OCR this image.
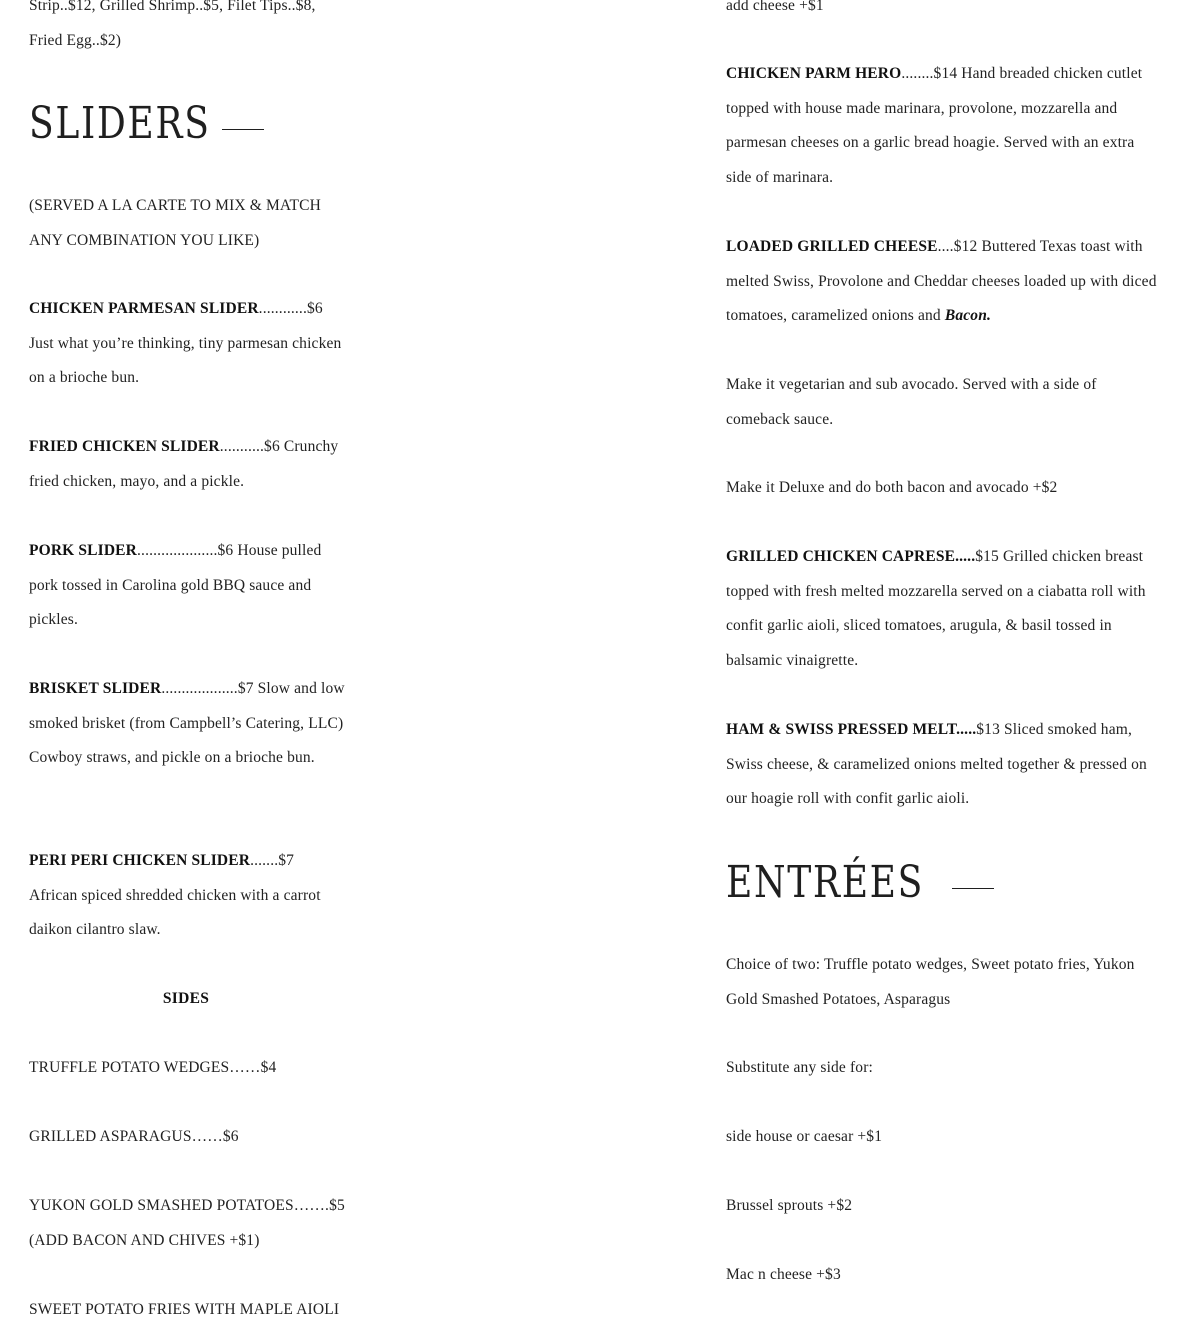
Strip..$12, Grilled Shrimp..$5, Filet Tips..$8,

Fried Egg..$2)

SLIDERS

(SERVED A LA CARTE TO MIX & MATCH ANY COMBINATION YOU LIKE)

CHICKEN PARMESAN SLIDER............$6 Just what you’re thinking, tiny parmesan chicken on a brioche bun.

FRIED CHICKEN SLIDER...........$6 Crunchy fried chicken, mayo, and a pickle.

PORK SLIDER....................$6 House pulled pork tossed in Carolina gold BBQ sauce and pickles.

BRISKET SLIDER...................$7 Slow and low smoked brisket (from Campbell’s Catering, LLC) Cowboy straws, and pickle on a brioche bun.

PERI PERI CHICKEN SLIDER.......$7 African spiced shredded chicken with a carrot daikon cilantro slaw.

SIDES

TRUFFLE POTATO WEDGES……$4

GRILLED ASPARAGUS……$6

YUKON GOLD SMASHED POTATOES…….$5 (ADD BACON AND CHIVES +$1)

SWEET POTATO FRIES WITH MAPLE AIOLI

add cheese +$1

CHICKEN PARM HERO........$14 Hand breaded chicken cutlet topped with house made marinara, provolone, mozzarella and parmesan cheeses on a garlic bread hoagie. Served with an extra side of marinara.

LOADED GRILLED CHEESE....$12 Buttered Texas toast with melted Swiss, Provolone and Cheddar cheeses loaded up with diced tomatoes, caramelized onions and Bacon.

Make it vegetarian and sub avocado. Served with a side of comeback sauce.

Make it Deluxe and do both bacon and avocado +$2

GRILLED CHICKEN CAPRESE.....$15 Grilled chicken breast topped with fresh melted mozzarella served on a ciabatta roll with confit garlic aioli, sliced tomatoes, arugula, & basil tossed in balsamic vinaigrette.

HAM & SWISS PRESSED MELT.....$13 Sliced smoked ham, Swiss cheese, & caramelized onions melted together & pressed on our hoagie roll with confit garlic aioli.

ENTRÉES

Choice of two: Truffle potato wedges, Sweet potato fries, Yukon Gold Smashed Potatoes, Asparagus

Substitute any side for:

side house or caesar +$1

Brussel sprouts +$2

Mac n cheese +$3
